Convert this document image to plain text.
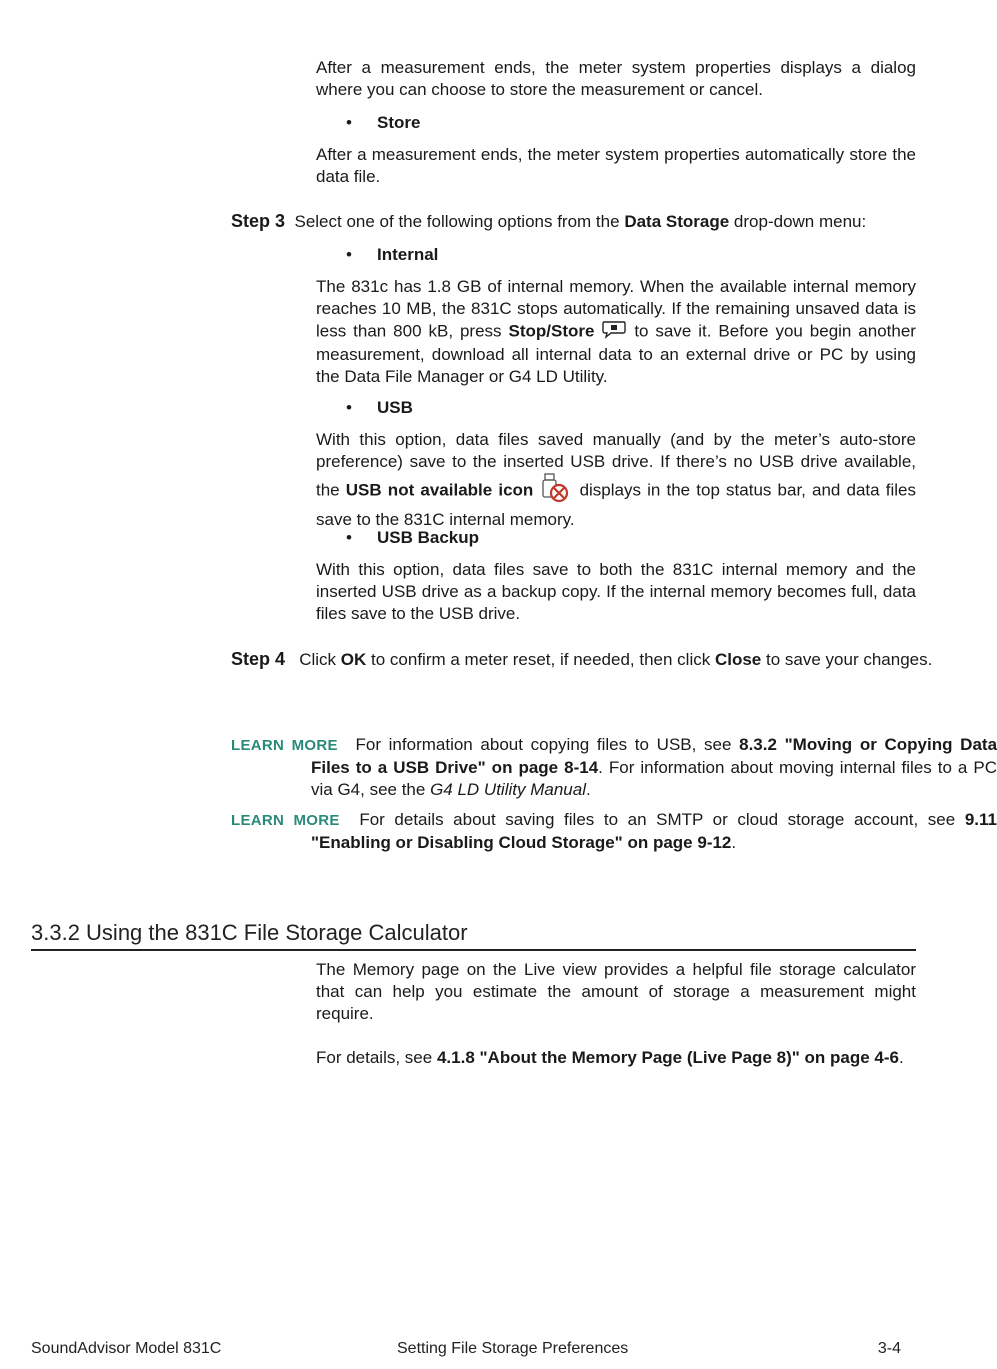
After a measurement ends, the meter system properties displays a dialog where you can choose to store the measurement or cancel.

• Store

After a measurement ends, the meter system properties automatically store the data file.

Step 3 Select one of the following options from the Data Storage drop-down menu:
• Internal

The 831c has 1.8 GB of internal memory. When the available internal memory reaches 10 MB, the 831C stops automatically. If the remaining unsaved data is less than 800 kB, press Stop/Store to save it. Before you begin another measurement, download all internal data to an external drive or PC by using the Data File Manager or G4 LD Utility.

• USB

With this option, data files saved manually (and by the meter’s auto-store preference) save to the inserted USB drive. If there’s no USB drive available, the USB not available icon	displays in the top status bar, and data files save to the 831C internal memory.

• USB Backup

With this option, data files save to both the 831C internal memory and the inserted USB drive as a backup copy. If the internal memory becomes full, data files save to the USB drive.

Step 4 Click OK to confirm a meter reset, if needed, then click Close to save your changes.
LEARN MORE For information about copying files to USB, see 8.3.2 "Moving or Copying Data Files to a USB Drive" on page 8-14. For information about moving internal files to a PC via G4, see the G4 LD Utility Manual.
LEARN MORE For details about saving files to an SMTP or cloud storage account, see 9.11 "Enabling or Disabling Cloud Storage" on page 9-12.
3.3.2 Using the 831C File Storage Calculator

The Memory page on the Live view provides a helpful file storage calculator that can help you estimate the amount of storage a measurement might require.

For details, see 4.1.8 "About the Memory Page (Live Page 8)" on page 4-6.

SoundAdvisor Model 831C	Setting File Storage Preferences	3-4
